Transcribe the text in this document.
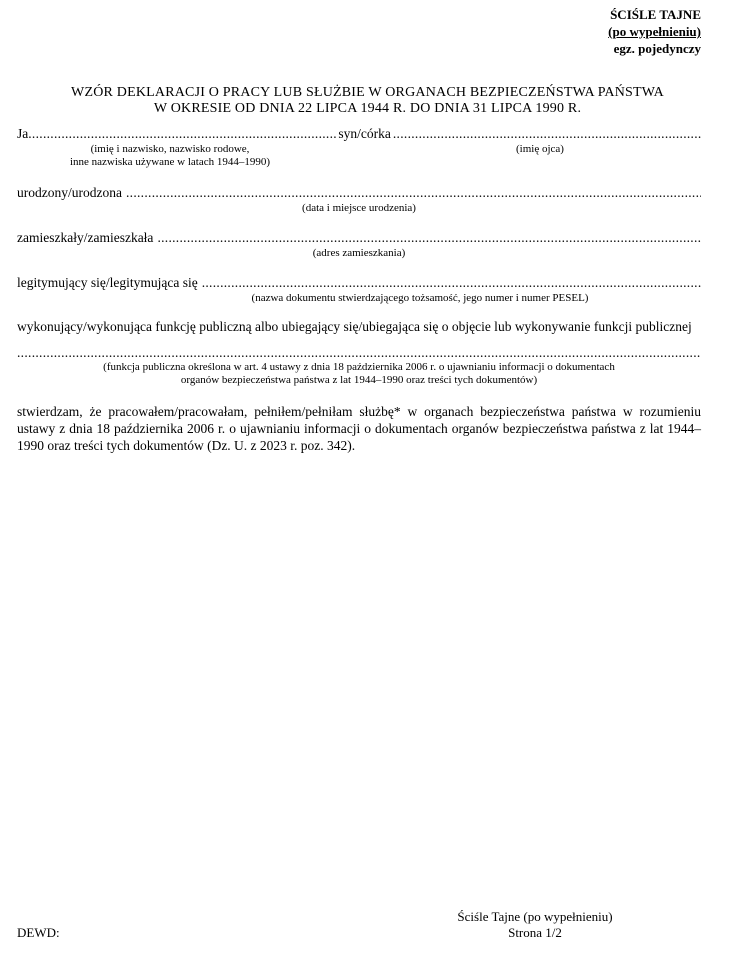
ŚCIŚLE TAJNE
(po wypełnieniu)
egz. pojedynczy
WZÓR DEKLARACJI O PRACY LUB SŁUŻBIE W ORGANACH BEZPIECZEŃSTWA PAŃSTWA
W OKRESIE OD DNIA 22 LIPCA 1944 R. DO DNIA 31 LIPCA 1990 R.
Ja
.....	syn/córka
.....
(imię i nazwisko, nazwisko rodowe,
inne nazwiska używane w latach 1944–1990)
(imię ojca)
urodzony/urodzona
.....
(data i miejsce urodzenia)
zamieszkały/zamieszkała
.....
(adres zamieszkania)
legitymujący się/legitymująca się
.....
(nazwa dokumentu stwierdzającego tożsamość, jego numer i numer PESEL)
wykonujący/wykonująca funkcję publiczną albo ubiegający się/ubiegająca się o objęcie lub wykonywanie funkcji publicznej
.....
(funkcja publiczna określona w art. 4 ustawy z dnia 18 października 2006 r. o ujawnianiu informacji o dokumentach
organów bezpieczeństwa państwa z lat 1944–1990 oraz treści tych dokumentów)
stwierdzam, że pracowałem/pracowałam, pełniłem/pełniłam służbę* w organach bezpieczeństwa państwa w rozumieniu ustawy z dnia 18 października 2006 r. o ujawnianiu informacji o dokumentach organów bezpieczeństwa państwa z lat 1944–1990 oraz treści tych dokumentów (Dz. U. z 2023 r. poz. 342).
Ściśle Tajne (po wypełnieniu)
Strona 1/2
DEWD:
